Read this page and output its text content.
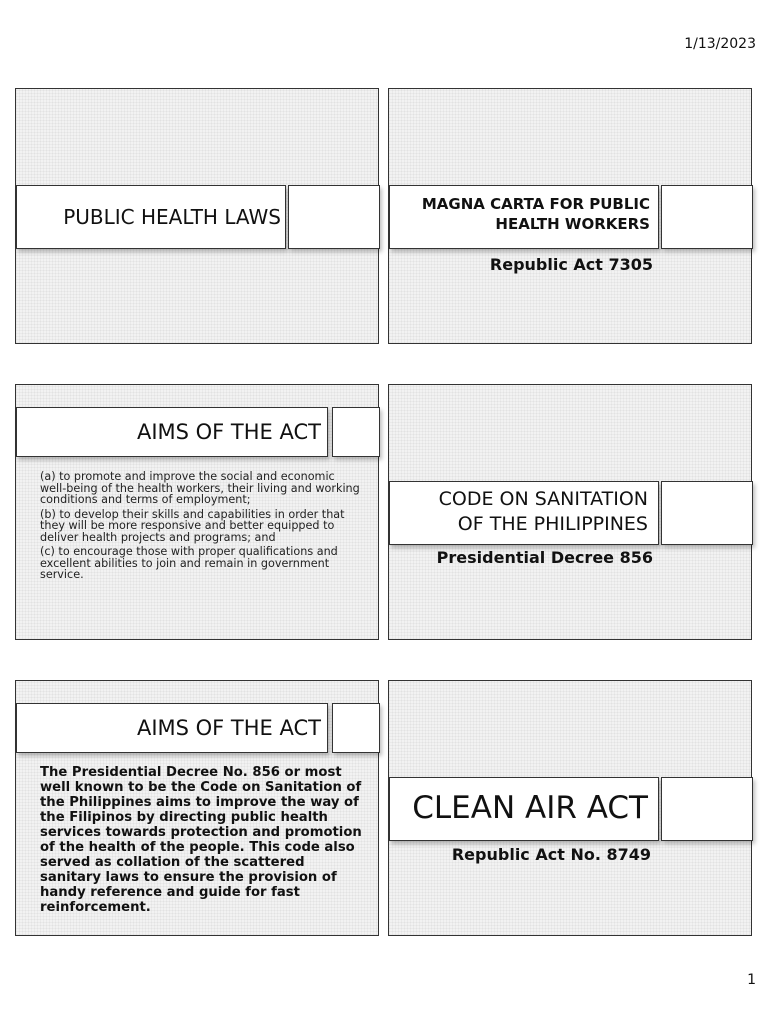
1/13/2023
PUBLIC HEALTH LAWS
MAGNA CARTA FOR PUBLIC
HEALTH WORKERS
Republic Act 7305
AIMS OF THE ACT

(a) to promote and improve the social and economic well-being of the health workers, their living and working conditions and terms of employment;

(b) to develop their skills and capabilities in order that they will be more responsive and better equipped to deliver health projects and programs; and

(c) to encourage those with proper qualifications and excellent abilities to join and remain in government service.

CODE ON SANITATION
OF THE PHILIPPINES
Presidential Decree 856
AIMS OF THE ACT
The Presidential Decree No. 856 or most well known to be the Code on Sanitation of the Philippines aims to improve the way of the Filipinos by directing public health services towards protection and promotion of the health of the people. This code also served as collation of the scattered sanitary laws to ensure the provision of handy reference and guide for fast reinforcement.
CLEAN AIR ACT
Republic Act No. 8749
1
